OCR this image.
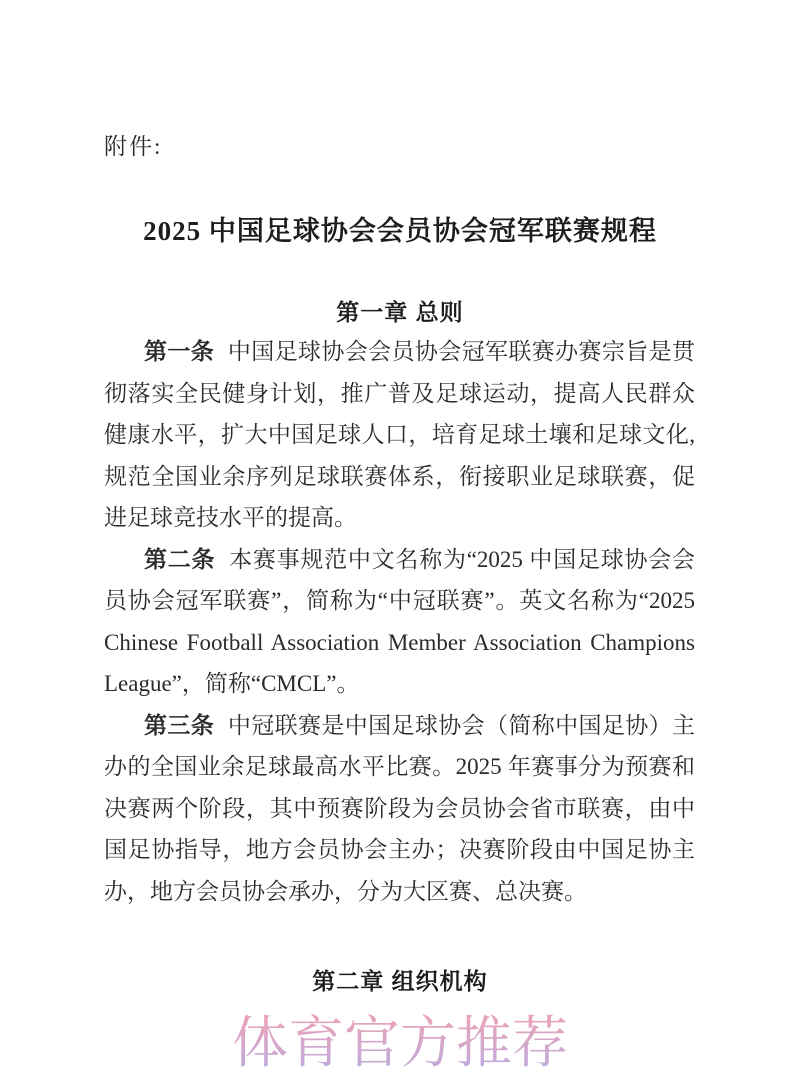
附件:
2025 中国足球协会会员协会冠军联赛规程
第一章 总则

第一条 中国足球协会会员协会冠军联赛办赛宗旨是贯彻落实全民健身计划，推广普及足球运动，提高人民群众健康水平，扩大中国足球人口，培育足球土壤和足球文化,规范全国业余序列足球联赛体系，衔接职业足球联赛，促进足球竞技水平的提高。

第二条 本赛事规范中文名称为“2025 中国足球协会会员协会冠军联赛”，简称为“中冠联赛”。英文名称为“2025 Chinese Football Association Member Association Champions League”，简称“CMCL”。

第三条 中冠联赛是中国足球协会（简称中国足协）主办的全国业余足球最高水平比赛。2025 年赛事分为预赛和决赛两个阶段，其中预赛阶段为会员协会省市联赛，由中国足协指导，地方会员协会主办；决赛阶段由中国足协主办，地方会员协会承办，分为大区赛、总决赛。

第二章 组织机构
体育官方推荐
